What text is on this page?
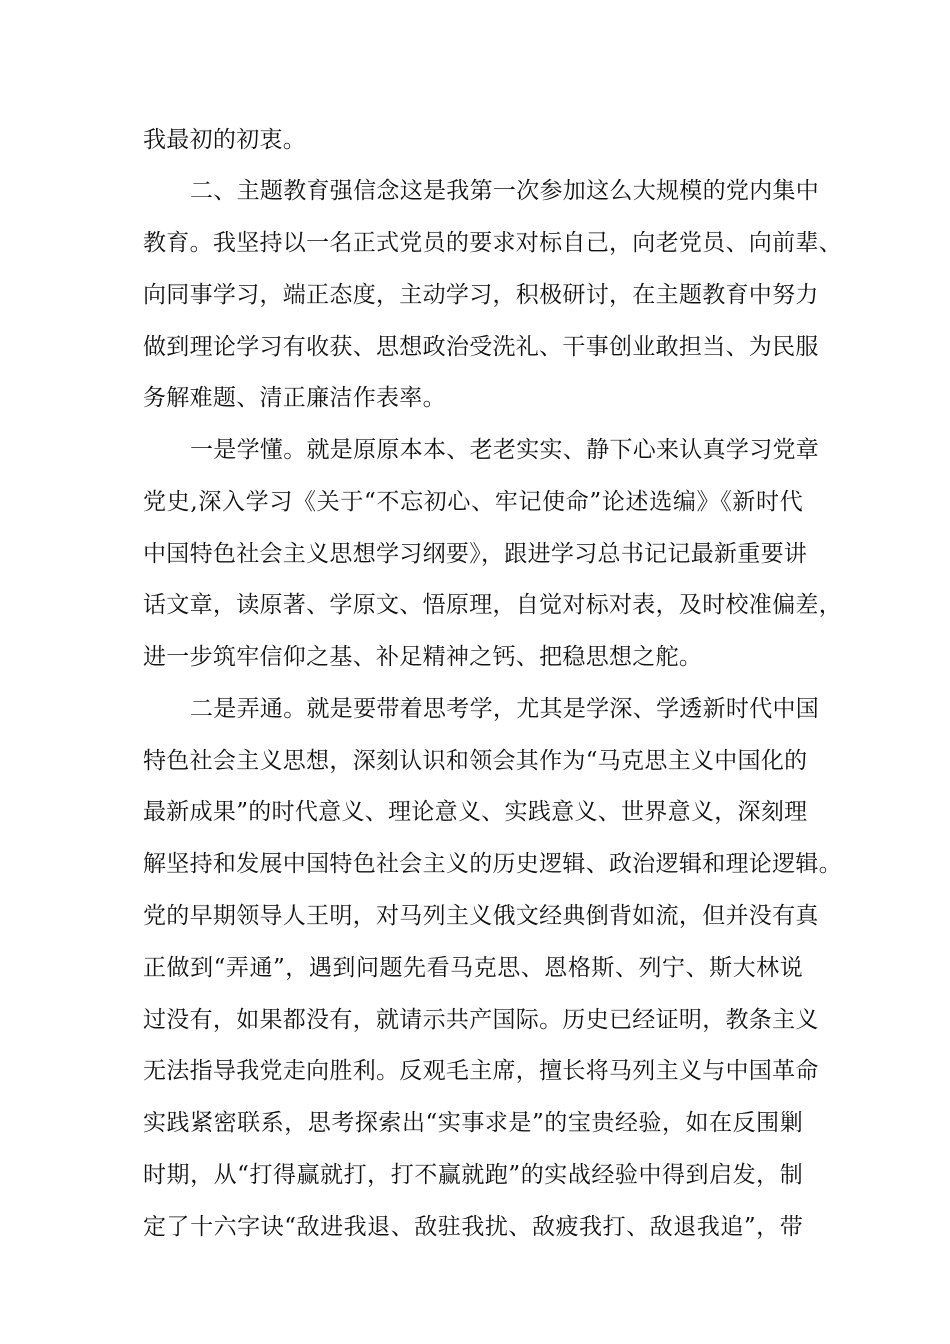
我最初的初衷。
二、主题教育强信念这是我第一次参加这么大规模的党内集中
教育。我坚持以一名正式党员的要求对标自己，向老党员、向前辈、
向同事学习，端正态度，主动学习，积极研讨，在主题教育中努力
做到理论学习有收获、思想政治受洗礼、干事创业敢担当、为民服
务解难题、清正廉洁作表率。
一是学懂。就是原原本本、老老实实、静下心来认真学习党章
党史,深入学习《关于“不忘初心、牢记使命”论述选编》《新时代
中国特色社会主义思想学习纲要》，跟进学习总书记记最新重要讲
话文章，读原著、学原文、悟原理，自觉对标对表，及时校准偏差，
进一步筑牢信仰之基、补足精神之钙、把稳思想之舵。
二是弄通。就是要带着思考学，尤其是学深、学透新时代中国
特色社会主义思想，深刻认识和领会其作为“马克思主义中国化的
最新成果”的时代意义、理论意义、实践意义、世界意义，深刻理
解坚持和发展中国特色社会主义的历史逻辑、政治逻辑和理论逻辑。
党的早期领导人王明，对马列主义俄文经典倒背如流，但并没有真
正做到“弄通”，遇到问题先看马克思、恩格斯、列宁、斯大林说
过没有，如果都没有，就请示共产国际。历史已经证明，教条主义
无法指导我党走向胜利。反观毛主席，擅长将马列主义与中国革命
实践紧密联系，思考探索出“实事求是”的宝贵经验，如在反围剿
时期，从“打得赢就打，打不赢就跑”的实战经验中得到启发，制
定了十六字诀“敌进我退、敌驻我扰、敌疲我打、敌退我追”，带
